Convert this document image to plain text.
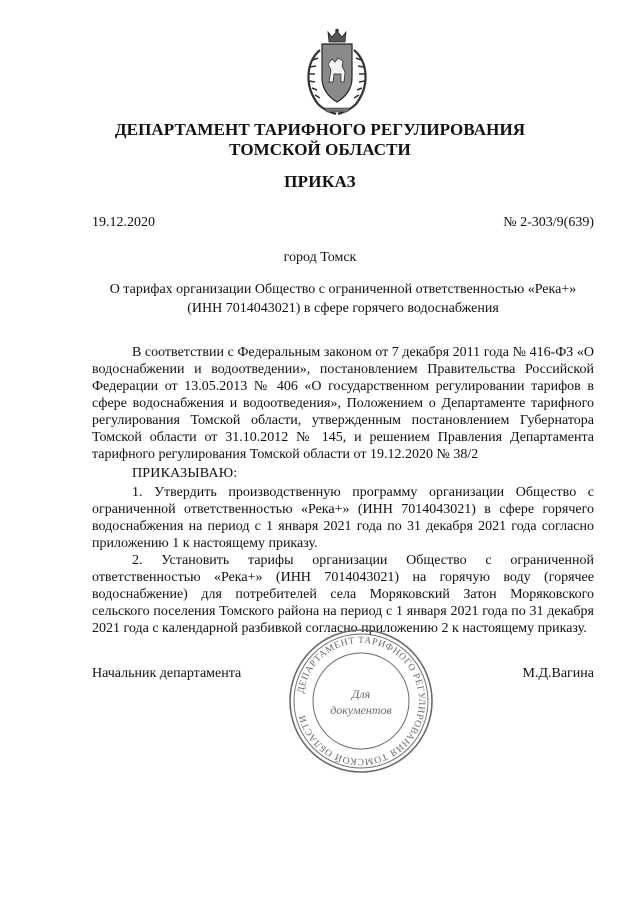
ДЕПАРТАМЕНТ ТАРИФНОГО РЕГУЛИРОВАНИЯ
ТОМСКОЙ ОБЛАСТИ
ПРИКАЗ
19.12.2020	№ 2-303/9(639)
город Томск
О тарифах организации Общество с ограниченной ответственностью «Река+»
(ИНН 7014043021) в сфере горячего водоснабжения

В соответствии с Федеральным законом от 7 декабря 2011 года № 416-ФЗ «О водоснабжении и водоотведении», постановлением Правительства Российской Федерации от 13.05.2013 № 406 «О государственном регулировании тарифов в сфере водоснабжения и водоотведения», Положением о Департаменте тарифного регулирования Томской области, утвержденным постановлением Губернатора Томской области от 31.10.2012 № 145, и решением Правления Департамента тарифного регулирования Томской области от 19.12.2020 № 38/2

ПРИКАЗЫВАЮ:

1. Утвердить производственную программу организации Общество с ограниченной ответственностью «Река+» (ИНН 7014043021) в сфере горячего водоснабжения на период с 1 января 2021 года по 31 декабря 2021 года согласно приложению 1 к настоящему приказу.

2. Установить тарифы организации Общество с ограниченной ответственностью «Река+» (ИНН 7014043021) на горячую воду (горячее водоснабжение) для потребителей села Моряковский Затон Моряковского сельского поселения Томского района на период с 1 января 2021 года по 31 декабря 2021 года с календарной разбивкой согласно приложению 2 к настоящему приказу.

Начальник департамента	М.Д.Вагина
ДЕПАРТАМЕНТ ТАРИФНОГО РЕГУЛИРОВАНИЯ ТОМСКОЙ ОБЛАСТИ
Для
документов
